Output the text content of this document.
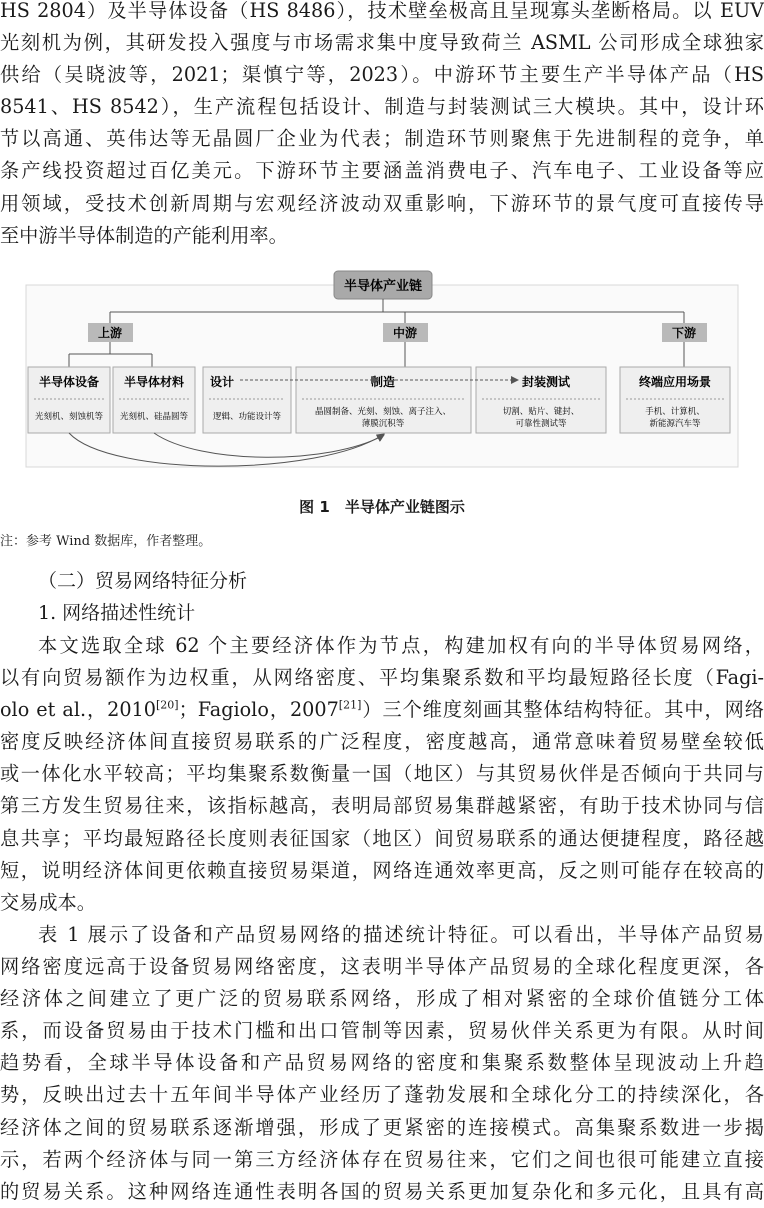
HS 2804）及半导体设备（HS 8486），技术壁垒极高且呈现寡头垄断格局。以 EUV
光刻机为例，其研发投入强度与市场需求集中度导致荷兰 ASML 公司形成全球独家
供给（吴晓波等，2021；渠慎宁等，2023）。中游环节主要生产半导体产品（HS
8541、HS 8542），生产流程包括设计、制造与封装测试三大模块。其中，设计环
节以高通、英伟达等无晶圆厂企业为代表；制造环节则聚焦于先进制程的竞争，单
条产线投资超过百亿美元。下游环节主要涵盖消费电子、汽车电子、工业设备等应
用领域，受技术创新周期与宏观经济波动双重影响，下游环节的景气度可直接传导
至中游半导体制造的产能利用率。
半导体产业链
上游	中游	下游
半导体设备
光刻机、刻蚀机等
半导体材料
光刻机、硅晶圆等
设计
逻辑、功能设计等
制造
晶圆制备、光刻、刻蚀、离子注入、
薄膜沉积等
封装测试
切割、贴片、键封、
可靠性测试等
终端应用场景
手机、计算机、
新能源汽车等
图 1　半导体产业链图示
注：参考 Wind 数据库，作者整理。
（二）贸易网络特征分析
1. 网络描述性统计
本文选取全球 62 个主要经济体作为节点，构建加权有向的半导体贸易网络，
以有向贸易额作为边权重，从网络密度、平均集聚系数和平均最短路径长度（Fagi-
olo et al.，2010[20]；Fagiolo，2007[21]）三个维度刻画其整体结构特征。其中，网络
密度反映经济体间直接贸易联系的广泛程度，密度越高，通常意味着贸易壁垒较低
或一体化水平较高；平均集聚系数衡量一国（地区）与其贸易伙伴是否倾向于共同与
第三方发生贸易往来，该指标越高，表明局部贸易集群越紧密，有助于技术协同与信
息共享；平均最短路径长度则表征国家（地区）间贸易联系的通达便捷程度，路径越
短，说明经济体间更依赖直接贸易渠道，网络连通效率更高，反之则可能存在较高的
交易成本。
表 1 展示了设备和产品贸易网络的描述统计特征。可以看出，半导体产品贸易
网络密度远高于设备贸易网络密度，这表明半导体产品贸易的全球化程度更深，各
经济体之间建立了更广泛的贸易联系网络，形成了相对紧密的全球价值链分工体
系，而设备贸易由于技术门槛和出口管制等因素，贸易伙伴关系更为有限。从时间
趋势看，全球半导体设备和产品贸易网络的密度和集聚系数整体呈现波动上升趋
势，反映出过去十五年间半导体产业经历了蓬勃发展和全球化分工的持续深化，各
经济体之间的贸易联系逐渐增强，形成了更紧密的连接模式。高集聚系数进一步揭
示，若两个经济体与同一第三方经济体存在贸易往来，它们之间也很可能建立直接
的贸易关系。这种网络连通性表明各国的贸易关系更加复杂化和多元化，且具有高
